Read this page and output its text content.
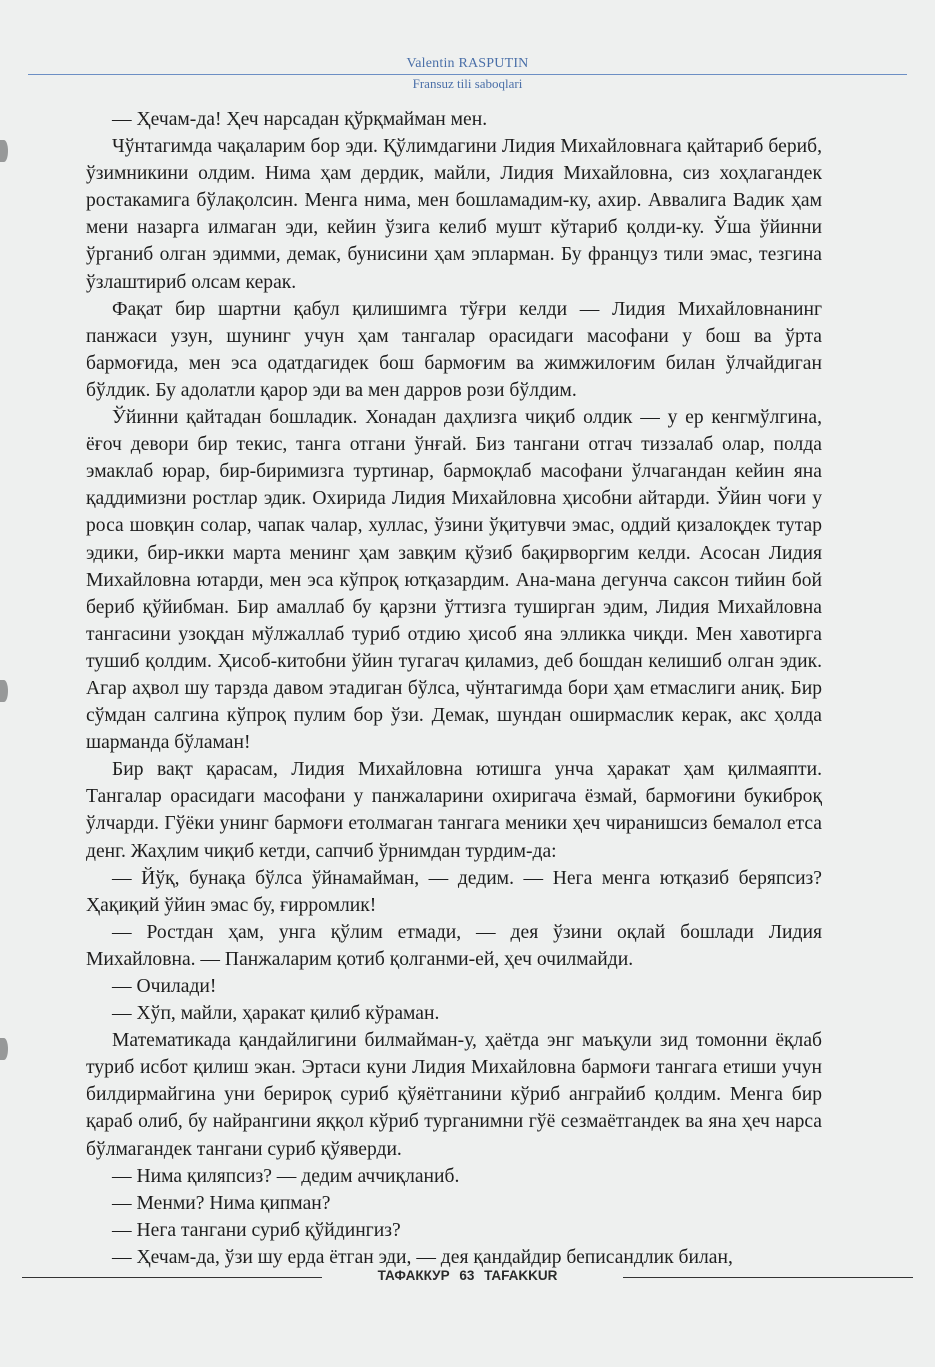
Valentin RASPUTIN
Fransuz tili saboqlari

— Ҳечам-да! Ҳеч нарсадан қўрқмайман мен.

Чўнтагимда чақаларим бор эди. Қўлимдагини Лидия Михайловнага қайтариб бериб, ўзимникини олдим. Нима ҳам дердик, майли, Лидия Михайловна, сиз хоҳлагандек ростакамига бўлақолсин. Менга нима, мен бошламадим-ку, ахир. Аввалига Вадик ҳам мени назарга илмаган эди, кейин ўзига келиб мушт кўтариб қолди-ку. Ўша ўйинни ўрганиб олган эдимми, демак, бунисини ҳам эпларман. Бу француз тили эмас, тезгина ўзлаштириб олсам керак.

Фақат бир шартни қабул қилишимга тўғри келди — Лидия Михайловнанинг панжаси узун, шунинг учун ҳам тангалар орасидаги масофани у бош ва ўрта бармоғида, мен эса одатдагидек бош бармоғим ва жимжилоғим билан ўлчайдиган бўлдик. Бу адолатли қарор эди ва мен дарров рози бўлдим.

Ўйинни қайтадан бошладик. Хонадан даҳлизга чиқиб олдик — у ер кенгмўлгина, ёғоч девори бир текис, танга отгани ўнғай. Биз тангани отгач тиззалаб олар, полда эмаклаб юрар, бир-биримизга туртинар, бармоқлаб масофани ўлчагандан кейин яна қаддимизни ростлар эдик. Охирида Лидия Михайловна ҳисобни айтарди. Ўйин чоғи у роса шовқин солар, чапак чалар, хуллас, ўзини ўқитувчи эмас, оддий қизалоқдек тутар эдики, бир-икки марта менинг ҳам завқим қўзиб бақирворгим келди. Асосан Лидия Михайловна ютарди, мен эса кўпроқ ютқазардим. Ана-мана дегунча саксон тийин бой бериб қўйибман. Бир амаллаб бу қарзни ўттизга туширган эдим, Лидия Михайловна тангасини узоқдан мўлжаллаб туриб отдию ҳисоб яна элликка чиқди. Мен хавотирга тушиб қолдим. Ҳисоб-китобни ўйин тугагач қиламиз, деб бошдан келишиб олган эдик. Агар аҳвол шу тарзда давом этадиган бўлса, чўнтагимда бори ҳам етмаслиги аниқ. Бир сўмдан салгина кўпроқ пулим бор ўзи. Демак, шундан оширмаслик керак, акс ҳолда шарманда бўламан!

Бир вақт қарасам, Лидия Михайловна ютишга унча ҳаракат ҳам қилмаяпти. Тангалар орасидаги масофани у панжаларини охиригача ёзмай, бармоғини букиброқ ўлчарди. Гўёки унинг бармоғи етолмаган тангага меники ҳеч чиранишсиз бемалол етса денг. Жаҳлим чиқиб кетди, сапчиб ўрнимдан турдим-да:

— Йўқ, бунақа бўлса ўйнамайман, — дедим. — Нега менга ютқазиб беряпсиз? Ҳақиқий ўйин эмас бу, ғирромлик!

— Ростдан ҳам, унга қўлим етмади, — дея ўзини оқлай бошлади Лидия Михайловна. — Панжаларим қотиб қолганми-ей, ҳеч очилмайди.

— Очилади!

— Хўп, майли, ҳаракат қилиб кўраман.

Математикада қандайлигини билмайман-у, ҳаётда энг маъқули зид томонни ёқлаб туриб исбот қилиш экан. Эртаси куни Лидия Михайловна бармоғи тангага етиши учун билдирмайгина уни берироқ суриб қўяётганини кўриб анграйиб қолдим. Менга бир қараб олиб, бу найрангини яққол кўриб турганимни гўё сезмаётгандек ва яна ҳеч нарса бўлмагандек тангани суриб қўяверди.

— Нима қиляпсиз? — дедим аччиқланиб.

— Менми? Нима қипман?

— Нега тангани суриб қўйдингиз?

— Ҳечам-да, ўзи шу ерда ётган эди, — дея қандайдир беписандлик билан,

ТАФАККУР 63 TAFAKKUR
